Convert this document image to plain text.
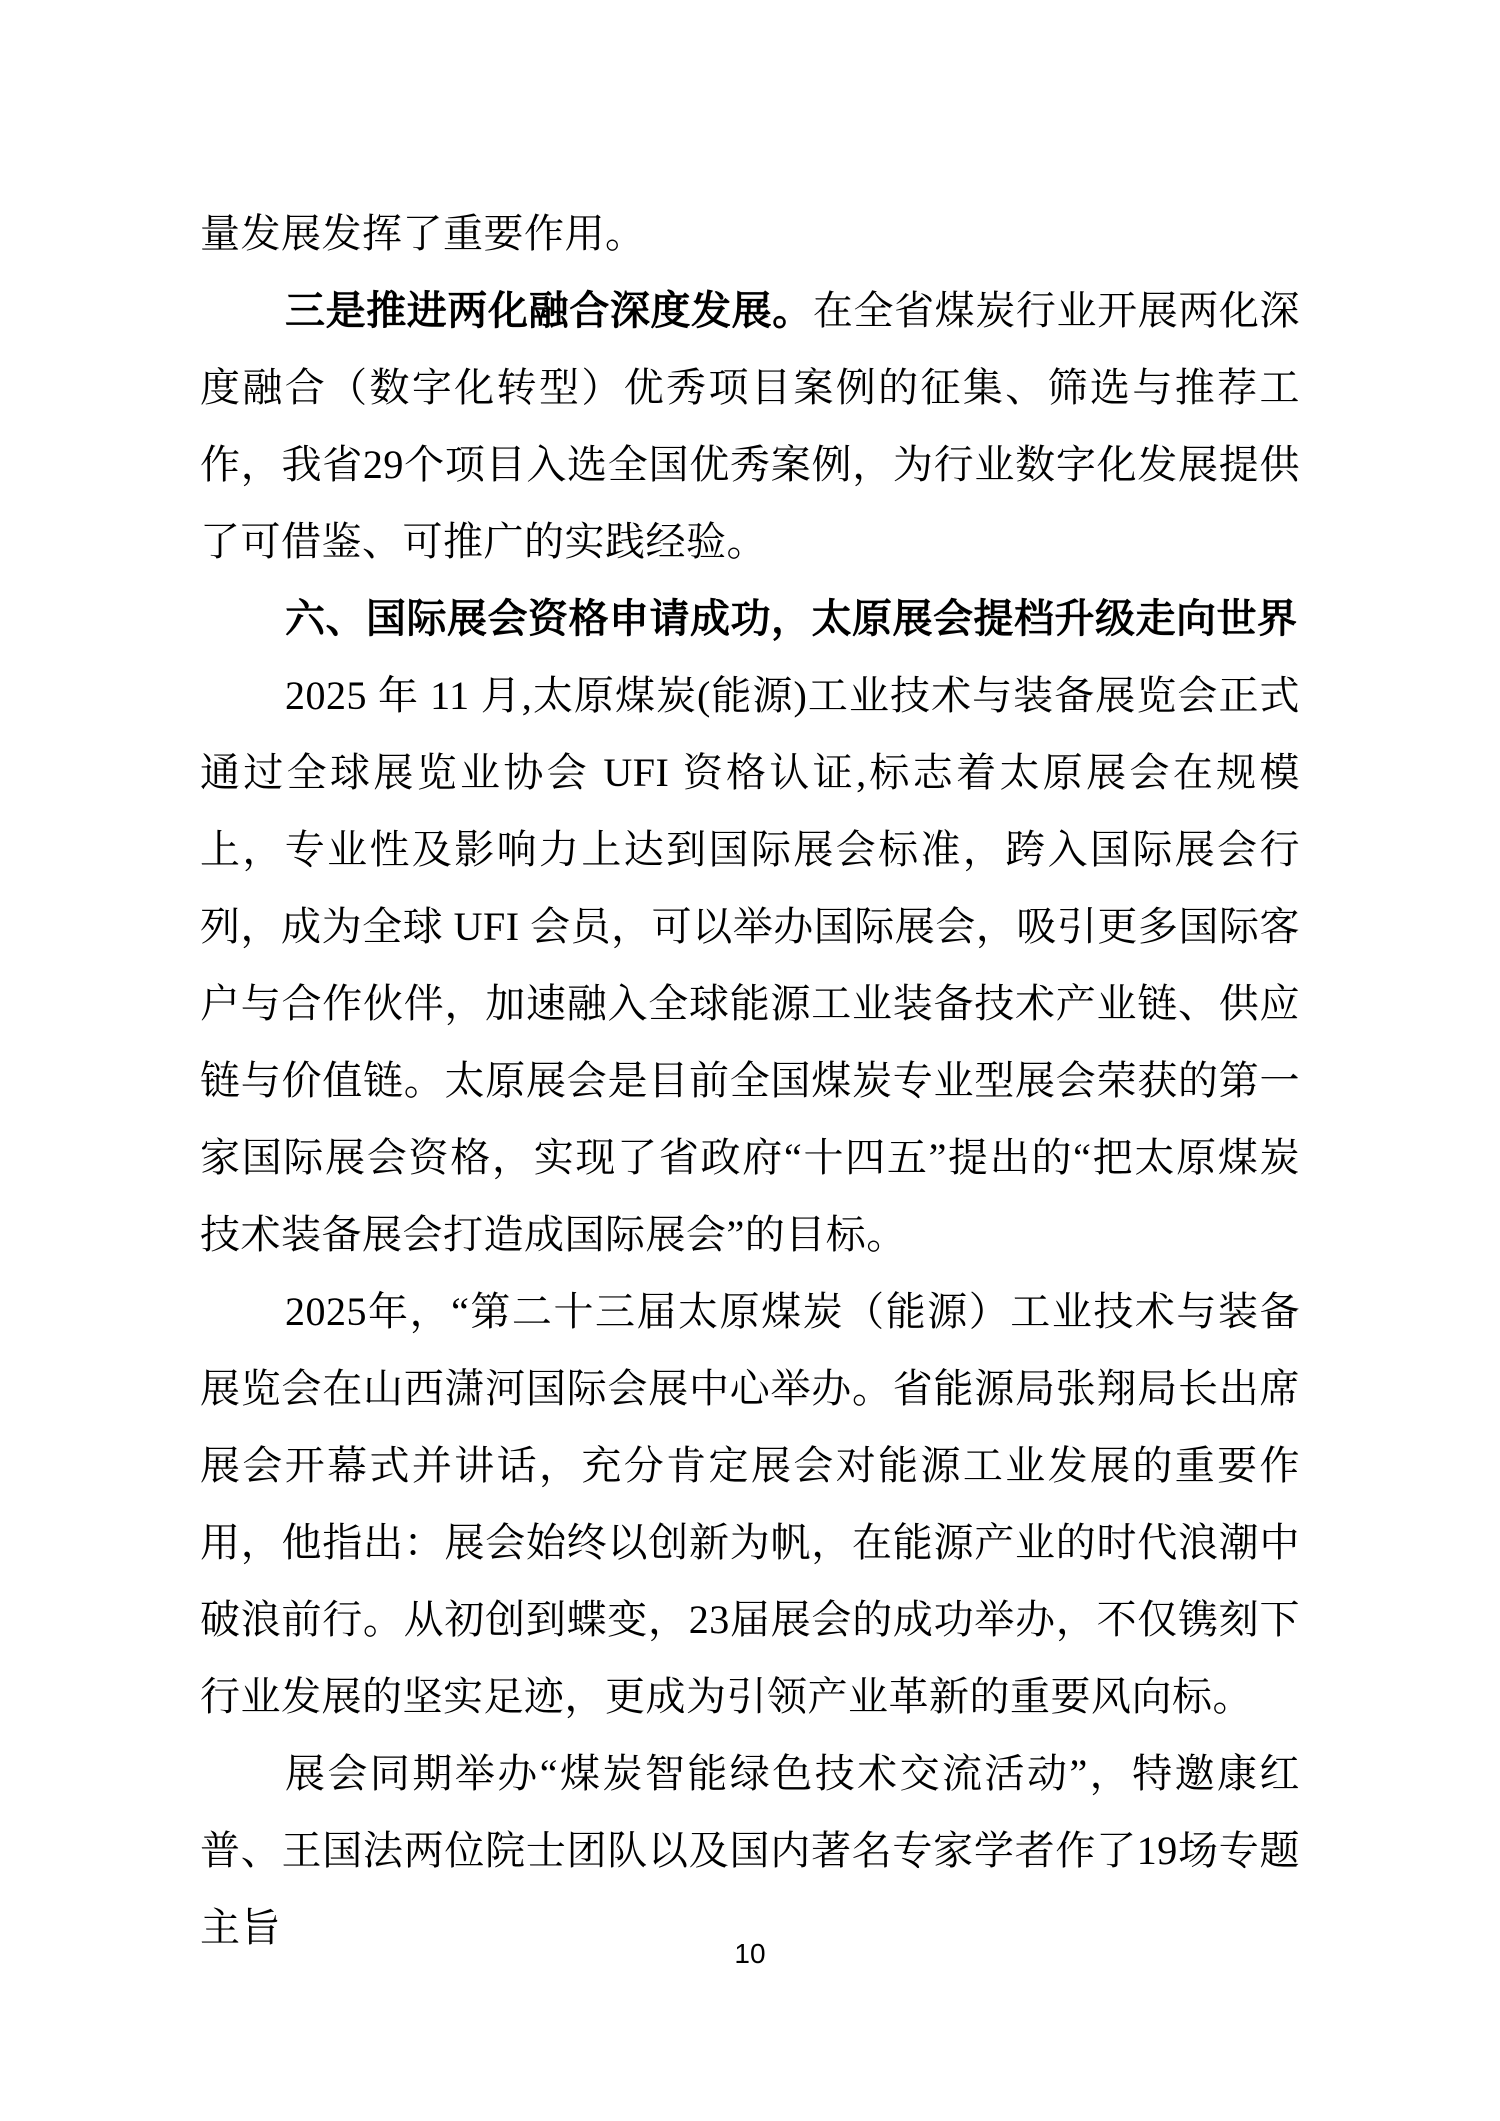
量发展发挥了重要作用。

三是推进两化融合深度发展。在全省煤炭行业开展两化深度融合（数字化转型）优秀项目案例的征集、筛选与推荐工作，我省29个项目入选全国优秀案例，为行业数字化发展提供了可借鉴、可推广的实践经验。

六、国际展会资格申请成功，太原展会提档升级走向世界

2025 年 11 月,太原煤炭(能源)工业技术与装备展览会正式通过全球展览业协会 UFI 资格认证,标志着太原展会在规模上，专业性及影响力上达到国际展会标准，跨入国际展会行列，成为全球 UFI 会员，可以举办国际展会，吸引更多国际客户与合作伙伴，加速融入全球能源工业装备技术产业链、供应链与价值链。太原展会是目前全国煤炭专业型展会荣获的第一家国际展会资格，实现了省政府“十四五”提出的“把太原煤炭技术装备展会打造成国际展会”的目标。

2025年，“第二十三届太原煤炭（能源）工业技术与装备展览会在山西潇河国际会展中心举办。省能源局张翔局长出席展会开幕式并讲话，充分肯定展会对能源工业发展的重要作用，他指出：展会始终以创新为帆，在能源产业的时代浪潮中破浪前行。从初创到蝶变，23届展会的成功举办，不仅镌刻下行业发展的坚实足迹，更成为引领产业革新的重要风向标。

展会同期举办“煤炭智能绿色技术交流活动”，特邀康红普、王国法两位院士团队以及国内著名专家学者作了19场专题主旨

10
